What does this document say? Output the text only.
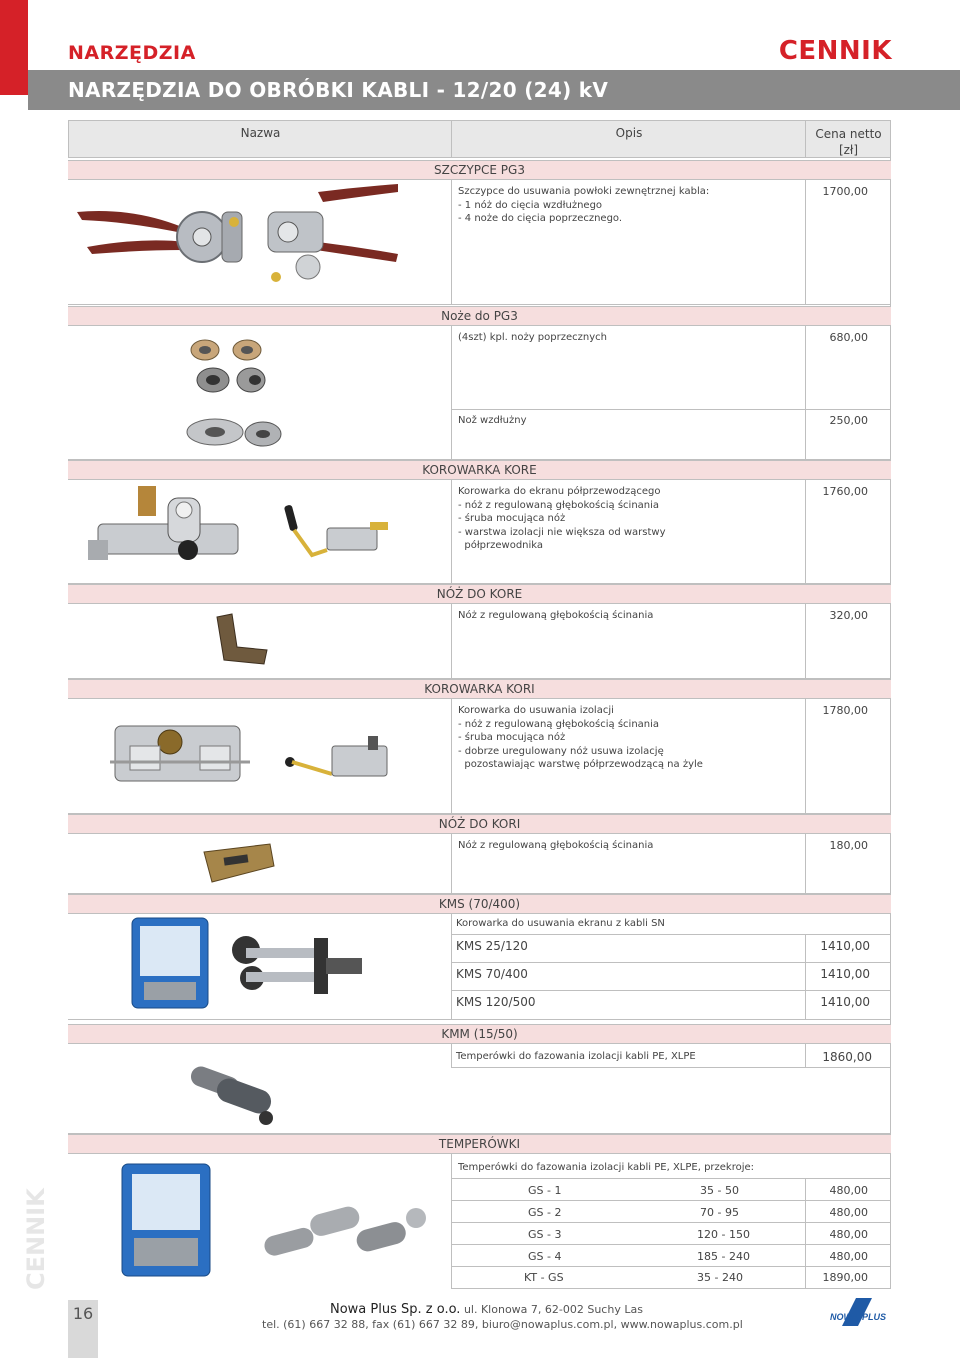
NARZĘDZIA	CENNIK
NARZĘDZIA DO OBRÓBKI KABLI - 12/20 (24) kV
Nazwa	Opis	Cena netto
[zł]
SZCZYPCE PG3
Szczypce do usuwania powłoki zewnętrznej kabla:
- 1 nóż do cięcia wzdłużnego
- 4 noże do cięcia poprzecznego.
1700,00
Noże do PG3
(4szt) kpl. noży poprzecznych	680,00
Nož wzdłużny	250,00
KOROWARKA KORE
Korowarka do ekranu półprzewodzącego
- nóż z regulowaną głębokością ścinania
- śruba mocująca nóż
- warstwa izolacji nie większa od warstwy
półprzewodnika
1760,00
NÓŻ DO KORE
Nóż z regulowaną głębokością ścinania	320,00
KOROWARKA KORI
Korowarka do usuwania izolacji
- nóż z regulowaną głębokością ścinania
- śruba mocująca nóż
- dobrze uregulowany nóż usuwa izolację
pozostawiając warstwę półprzewodzącą na żyle
1780,00
NÓŻ DO KORI
Nóż z regulowaną głębokością ścinania	180,00
KMS (70/400)
Korowarka do usuwania ekranu z kabli SN
KMS 25/120	1410,00
KMS 70/400	1410,00
KMS 120/500	1410,00
KMM (15/50)
Temperówki do fazowania izolacji kabli PE, XLPE	1860,00
TEMPERÓWKI
Temperówki do fazowania izolacji kabli PE, XLPE, przekroje:
GS - 1	35 - 50	480,00
GS - 2	70 - 95	480,00
GS - 3	120 - 150	480,00
GS - 4	185 - 240	480,00
KT - GS	35 - 240	1890,00
CENNIK
16	Nowa Plus Sp. z o.o. ul. Klonowa 7, 62-002 Suchy Las
tel. (61) 667 32 88, fax (61) 667 32 89, biuro@nowaplus.com.pl, www.nowaplus.com.pl
NOWA PLUS
